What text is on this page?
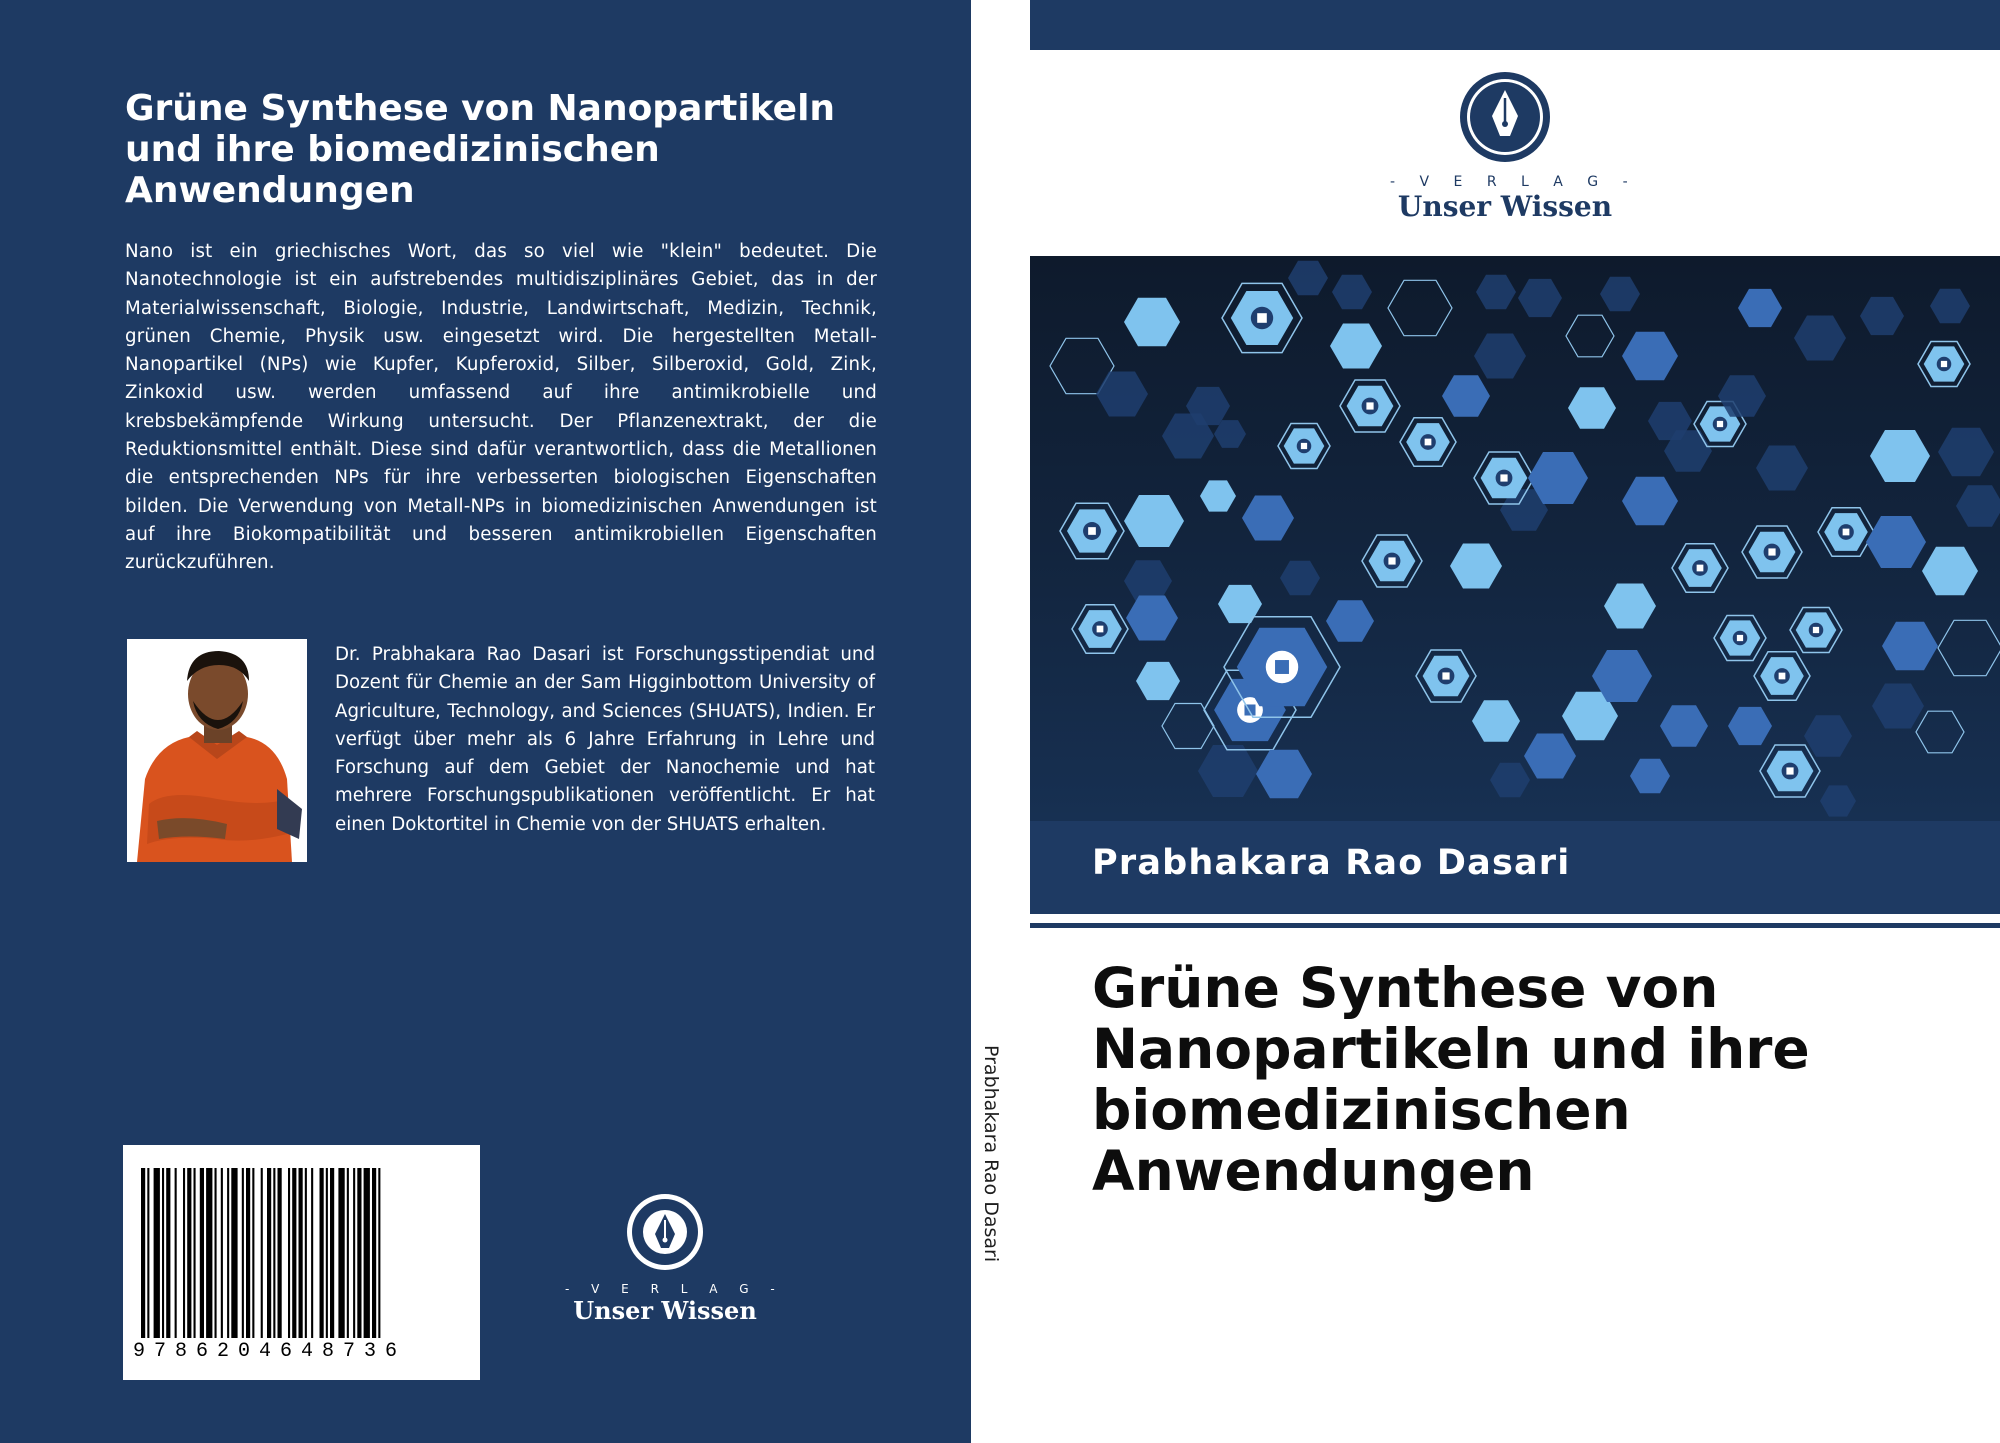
Grüne Synthese von Nanopartikeln und ihre biomedizinischen Anwendungen

Nano ist ein griechisches Wort, das so viel wie "klein" bedeutet. Die Nanotechnologie ist ein aufstrebendes multidisziplinäres Gebiet, das in der Materialwissenschaft, Biologie, Industrie, Landwirtschaft, Medizin, Technik, grünen Chemie, Physik usw. eingesetzt wird. Die hergestellten Metall-Nanopartikel (NPs) wie Kupfer, Kupferoxid, Silber, Silberoxid, Gold, Zink, Zinkoxid usw. werden umfassend auf ihre antimikrobielle und krebsbekämpfende Wirkung untersucht. Der Pflanzenextrakt, der die Reduktionsmittel enthält. Diese sind dafür verantwortlich, dass die Metallionen die entsprechenden NPs für ihre verbesserten biologischen Eigenschaften bilden. Die Verwendung von Metall-NPs in biomedizinischen Anwendungen ist auf ihre Biokompatibilität und besseren antimikrobiellen Eigenschaften zurückzuführen.

Dr. Prabhakara Rao Dasari ist Forschungsstipendiat und Dozent für Chemie an der Sam Higginbottom University of Agriculture, Technology, and Sciences (SHUATS), Indien. Er verfügt über mehr als 6 Jahre Erfahrung in Lehre und Forschung auf dem Gebiet der Nanochemie und hat mehrere Forschungspublikationen veröffentlicht. Er hat einen Doktortitel in Chemie von der SHUATS erhalten.

9786204648736
- V E R L A G -
Unser Wissen
Prabhakara Rao Dasari
- V E R L A G -
Unser Wissen
Prabhakara Rao Dasari
Grüne Synthese von Nanopartikeln und ihre biomedizinischen Anwendungen
